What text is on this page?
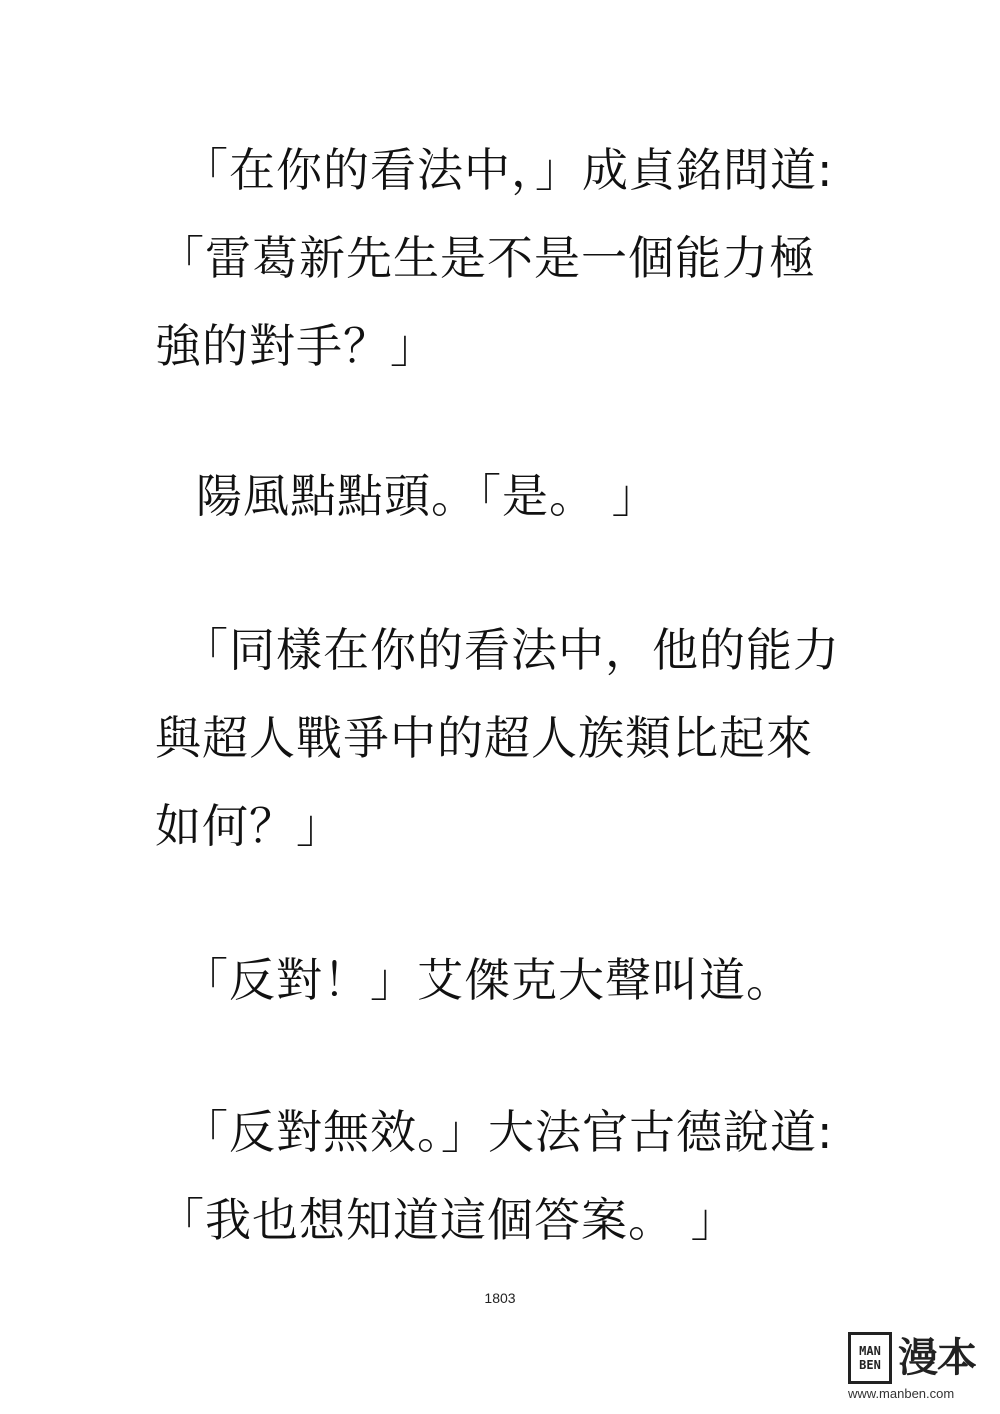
「在你的看法中，」成貞銘問道:
「雷葛新先生是不是一個能力極
強的對手？」
陽風點點頭。「是。 」
「同樣在你的看法中，他的能力
與超人戰爭中的超人族類比起來
如何？」
「反對！」艾傑克大聲叫道。
「反對無效。」大法官古德說道:
「我也想知道這個答案。 」
1803
MAN
BEN 漫本
www.manben.com
